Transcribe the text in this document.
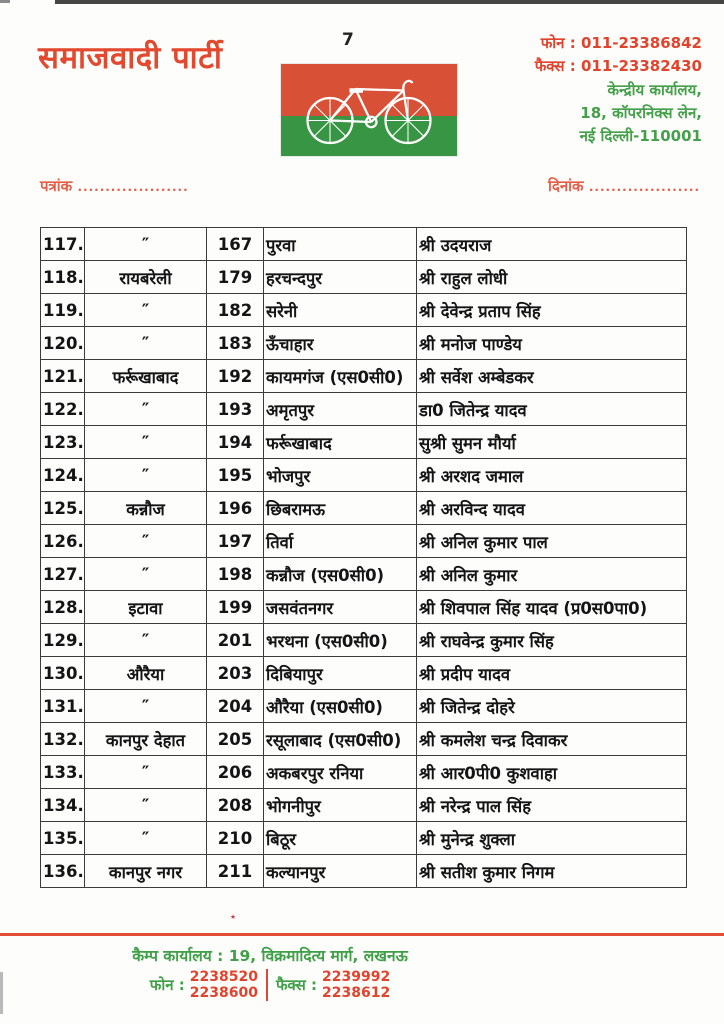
समाजवादी पार्टी	7	फोन : 011-23386842
फैक्स : 011-23382430
केन्द्रीय कार्यालय,
18, कॉपरनिक्स लेन,
नई दिल्ली-110001
पत्रांक ....................	दिनांक ....................
117.	″	167	पुरवा	श्री उदयराज
118.	रायबरेली	179	हरचन्दपुर	श्री राहुल लोधी
119.	″	182	सरेनी	श्री देवेन्द्र प्रताप सिंह
120.	″	183	ऊँचाहार	श्री मनोज पाण्डेय
121.	फर्रूखाबाद	192	कायमगंज (एस0सी0)	श्री सर्वेश अम्बेडकर
122.	″	193	अमृतपुर	डा0 जितेन्द्र यादव
123.	″	194	फर्रूखाबाद	सुश्री सुमन मौर्या
124.	″	195	भोजपुर	श्री अरशद जमाल
125.	कन्नौज	196	छिबरामऊ	श्री अरविन्द यादव
126.	″	197	तिर्वा	श्री अनिल कुमार पाल
127.	″	198	कन्नौज (एस0सी0)	श्री अनिल कुमार
128.	इटावा	199	जसवंतनगर	श्री शिवपाल सिंह यादव (प्र0स0पा0)
129.	″	201	भरथना (एस0सी0)	श्री राघवेन्द्र कुमार सिंह
130.	औरैया	203	दिबियापुर	श्री प्रदीप यादव
131.	″	204	औरैया (एस0सी0)	श्री जितेन्द्र दोहरे
132.	कानपुर देहात	205	रसूलाबाद (एस0सी0)	श्री कमलेश चन्द्र दिवाकर
133.	″	206	अकबरपुर रनिया	श्री आर0पी0 कुशवाहा
134.	″	208	भोगनीपुर	श्री नरेन्द्र पाल सिंह
135.	″	210	बिठूर	श्री मुनेन्द्र शुक्ला
136.	कानपुर नगर	211	कल्यानपुर	श्री सतीश कुमार निगम
٭
कैम्प कार्यालय : 19, विक्रमादित्य मार्ग, लखनऊ
फोन : 2238520
2238600 फैक्स : 2239992
2238612
